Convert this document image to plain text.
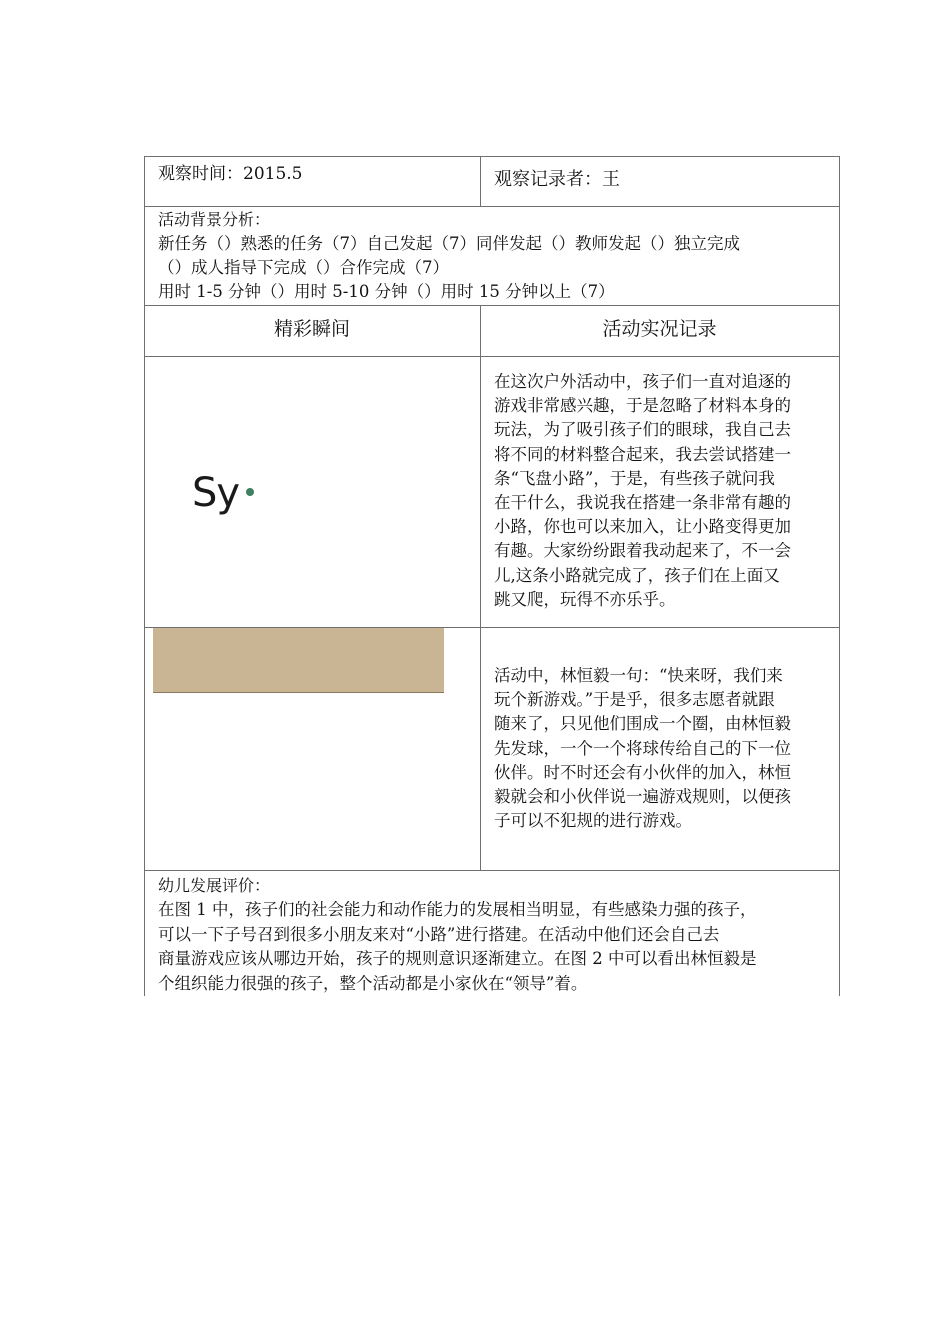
观察时间：2015.5	观察记录者：王
活动背景分析：
新任务（）熟悉的任务（7）自己发起（7）同伴发起（）教师发起（）独立完成
（）成人指导下完成（）合作完成（7）
用时 1-5 分钟（）用时 5-10 分钟（）用时 15 分钟以上（7）
精彩瞬间	活动实况记录
Sy
在这次户外活动中，孩子们一直对追逐的
游戏非常感兴趣，于是忽略了材料本身的
玩法，为了吸引孩子们的眼球，我自己去
将不同的材料整合起来，我去尝试搭建一
条“飞盘小路”，于是，有些孩子就问我
在干什么，我说我在搭建一条非常有趣的
小路，你也可以来加入，让小路变得更加
有趣。大家纷纷跟着我动起来了，不一会
儿,这条小路就完成了，孩子们在上面又
跳又爬，玩得不亦乐乎。
活动中，林恒毅一句：“快来呀，我们来
玩个新游戏。”于是乎，很多志愿者就跟
随来了，只见他们围成一个圈，由林恒毅
先发球，一个一个将球传给自己的下一位
伙伴。时不时还会有小伙伴的加入，林恒
毅就会和小伙伴说一遍游戏规则，以便孩
子可以不犯规的进行游戏。
幼儿发展评价：
在图 1 中，孩子们的社会能力和动作能力的发展相当明显，有些感染力强的孩子，
可以一下子号召到很多小朋友来对“小路”进行搭建。在活动中他们还会自己去
商量游戏应该从哪边开始，孩子的规则意识逐渐建立。在图 2 中可以看出林恒毅是
个组织能力很强的孩子，整个活动都是小家伙在“领导”着。
